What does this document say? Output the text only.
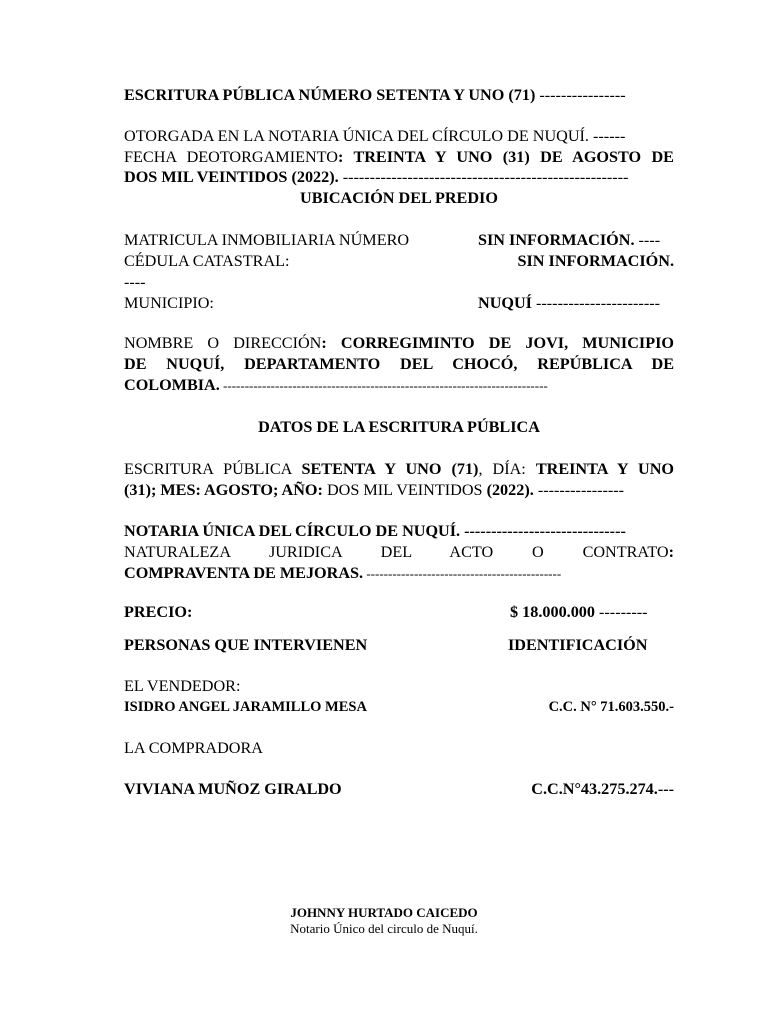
ESCRITURA PÚBLICA NÚMERO SETENTA Y UNO (71) ----------------
OTORGADA EN LA NOTARIA ÚNICA DEL CÍRCULO DE NUQUÍ. ------
FECHA DEOTORGAMIENTO: TREINTA Y UNO (31) DE AGOSTO DE
DOS MIL VEINTIDOS (2022). -----------------------------------------------------
UBICACIÓN DEL PREDIO
MATRICULA INMOBILIARIA NÚMERO	SIN INFORMACIÓN. ----
CÉDULA CATASTRAL:	SIN INFORMACIÓN.
----
MUNICIPIO:	NUQUÍ -----------------------
NOMBRE O DIRECCIÓN: CORREGIMINTO DE JOVI, MUNICIPIO
DE NUQUÍ, DEPARTAMENTO DEL CHOCÓ, REPÚBLICA DE
COLOMBIA. ---------------------------------------------------------------------------
DATOS DE LA ESCRITURA PÚBLICA
ESCRITURA PÚBLICA SETENTA Y UNO (71), DÍA: TREINTA Y UNO
(31); MES: AGOSTO; AÑO: DOS MIL VEINTIDOS (2022). ----------------
NOTARIA ÚNICA DEL CÍRCULO DE NUQUÍ. ------------------------------
NATURALEZA JURIDICA DEL ACTO O CONTRATO:
COMPRAVENTA DE MEJORAS. ---------------------------------------------
PRECIO:	$ 18.000.000 ---------
PERSONAS QUE INTERVIENEN	IDENTIFICACIÓN
EL VENDEDOR:
ISIDRO ANGEL JARAMILLO MESA	C.C. N° 71.603.550.-
LA COMPRADORA
VIVIANA MUÑOZ GIRALDO	C.C.N°43.275.274.---
JOHNNY HURTADO CAICEDO
Notario Único del circulo de Nuquí.
